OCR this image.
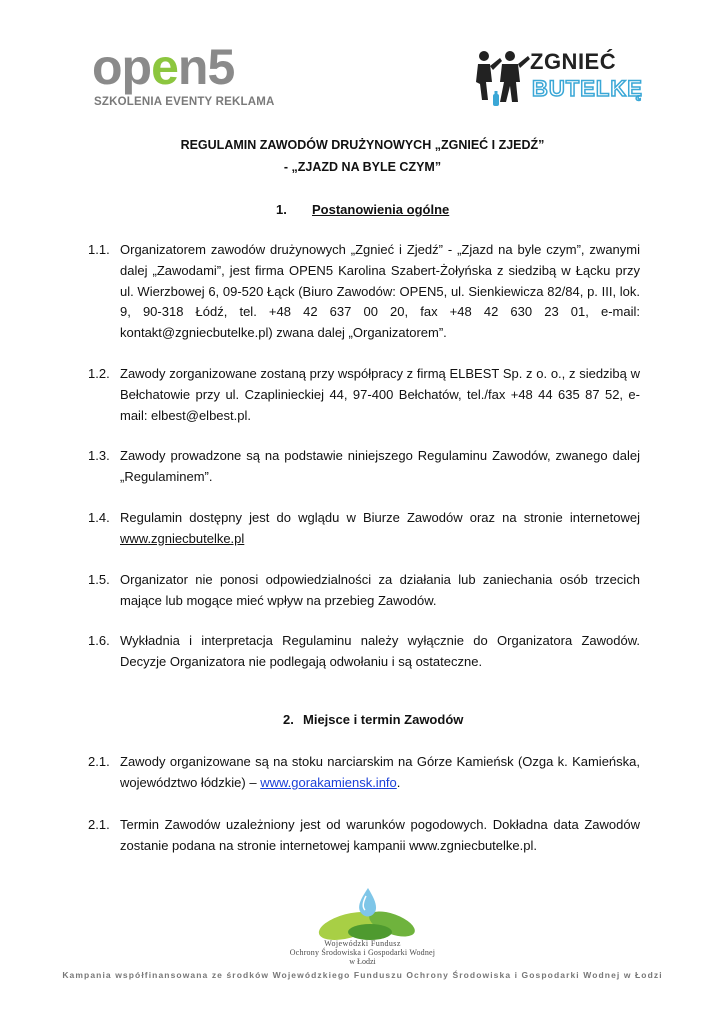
open5
SZKOLENIA EVENTY REKLAMA
ZGNIEĆ
BUTELKĘ
REGULAMIN ZAWODÓW DRUŻYNOWYCH „ZGNIEĆ I ZJEDŹ”
- „ZJAZD NA BYLE CZYM”
1. Postanowienia ogólne
1.1. Organizatorem zawodów drużynowych „Zgnieć i Zjedź” - „Zjazd na byle czym”, zwanymi dalej „Zawodami”, jest firma OPEN5 Karolina Szabert-Żołyńska z siedzibą w Łącku przy ul. Wierzbowej 6, 09-520 Łąck (Biuro Zawodów: OPEN5, ul. Sienkiewicza 82/84, p. III, lok. 9, 90-318 Łódź, tel. +48 42 637 00 20, fax +48 42 630 23 01, e-mail: kontakt@zgniecbutelke.pl) zwana dalej „Organizatorem”.
1.2. Zawody zorganizowane zostaną przy współpracy z firmą ELBEST Sp. z o. o., z siedzibą w Bełchatowie przy ul. Czapliniecki​ej 44, 97-400 Bełchatów, tel./fax +48 44 635 87 52, e-mail: elbest@elbest.pl.
1.3. Zawody prowadzone są na podstawie niniejszego Regulaminu Zawodów, zwanego dalej „Regulaminem”.
1.4. Regulamin dostępny jest do wglądu w Biurze Zawodów oraz na stronie internetowej www.zgniecbutelke.pl
1.5. Organizator nie ponosi odpowiedzialności za działania lub zaniechania osób trzecich mające lub mogące mieć wpływ na przebieg Zawodów.
1.6. Wykładnia i interpretacja Regulaminu należy wyłącznie do Organizatora Zawodów. Decyzje Organizatora nie podlegają odwołaniu i są ostateczne.
2. Miejsce i termin Zawodów
2.1. Zawody organizowane są na stoku narciarskim na Górze Kamieńsk (Ozga k. Kamieńska, województwo łódzkie) – www.gorakamiensk.info.
2.1. Termin Zawodów uzależniony jest od warunków pogodowych. Dokładna data Zawodów zostanie podana na stronie internetowej kampanii www.zgniecbutelke.pl.
Wojewódzki Fundusz
Ochrony Środowiska i Gospodarki Wodnej
w Łodzi
Kampania współfinansowana ze środków Wojewódzkiego Funduszu Ochrony Środowiska i Gospodarki Wodnej w Łodzi
